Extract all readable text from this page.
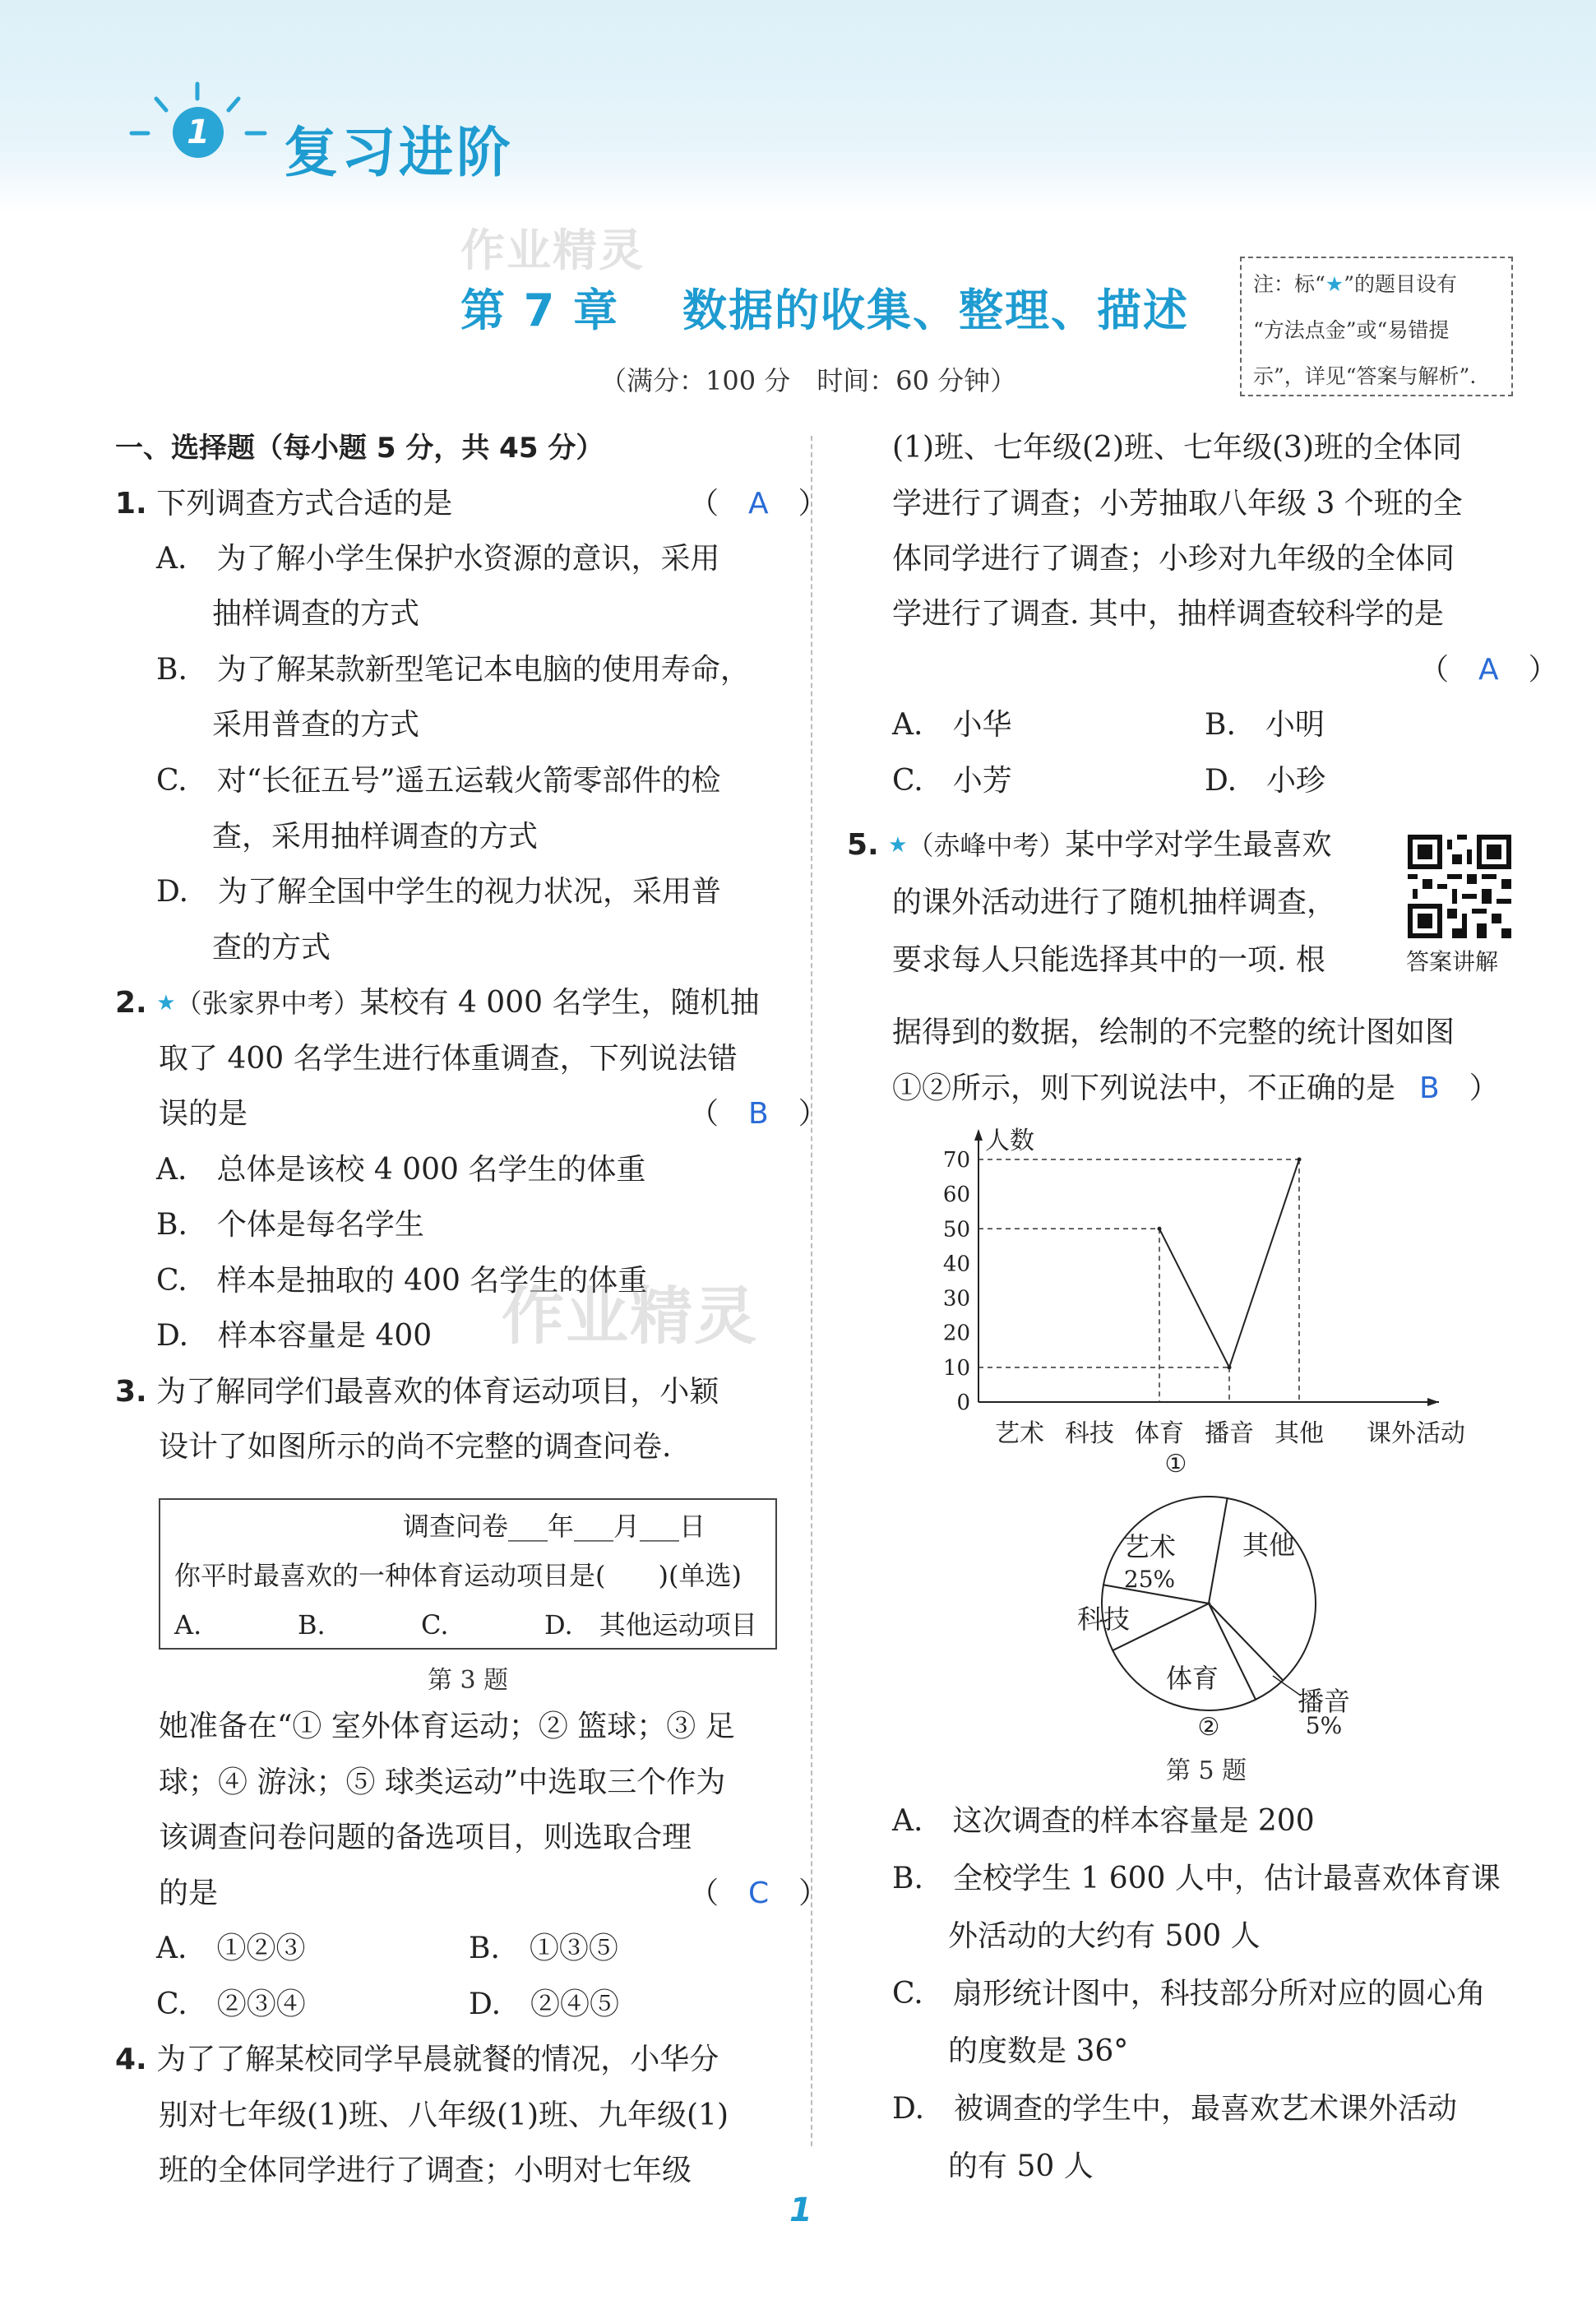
1 复习进阶
作业精灵
第 7 章　 数据的收集、整理、描述
（满分：100 分　时间：60 分钟）
注：标“★”的题目设有
“方法点金”或“易错提
示”，详见“答案与解析”.
一、选择题（每小题 5 分，共 45 分）
1. 下列调查方式合适的是	（　A　）
A.　为了解小学生保护水资源的意识，采用
抽样调查的方式
B.　为了解某款新型笔记本电脑的使用寿命，
采用普查的方式
C.　对“长征五号”遥五运载火箭零部件的检
查，采用抽样调查的方式
D.　为了解全国中学生的视力状况，采用普
查的方式
2. ★（张家界中考）某校有 4 000 名学生，随机抽
取了 400 名学生进行体重调查，下列说法错
误的是	（　B　）
A.　总体是该校 4 000 名学生的体重
B.　个体是每名学生
C.　样本是抽取的 400 名学生的体重
D.　样本容量是 400 作业精灵
3. 为了解同学们最喜欢的体育运动项目，小颖
设计了如图所示的尚不完整的调查问卷.
调查问卷___年___月___日
你平时最喜欢的一种体育运动项目是(　　)(单选)
A.	B.	C.	D.　其他运动项目
第 3 题
她准备在“① 室外体育运动；② 篮球；③ 足
球；④ 游泳；⑤ 球类运动”中选取三个作为
该调查问卷问题的备选项目，则选取合理
的是	（　C　）
A.　①②③	B.　①③⑤
C.　②③④	D.　②④⑤
4. 为了了解某校同学早晨就餐的情况，小华分
别对七年级(1)班、八年级(1)班、九年级(1)
班的全体同学进行了调查；小明对七年级
(1)班、七年级(2)班、七年级(3)班的全体同
学进行了调查；小芳抽取八年级 3 个班的全
体同学进行了调查；小珍对九年级的全体同
学进行了调查. 其中，抽样调查较科学的是
（　A　）
A.　小华	B.　小明
C.　小芳	D.　小珍
5. ★（赤峰中考）某中学对学生最喜欢
的课外活动进行了随机抽样调查，
要求每人只能选择其中的一项. 根	答案讲解
据得到的数据，绘制的不完整的统计图如图
①②所示，则下列说法中，不正确的是 B　）
人数
课外活动
0
10
20
30
40
50
60
70
艺术 科技 体育 播音 其他
①
艺术
25%
其他
科技
体育
播音
5%
②
第 5 题
A.　这次调查的样本容量是 200
B.　全校学生 1 600 人中，估计最喜欢体育课
外活动的大约有 500 人
C.　扇形统计图中，科技部分所对应的圆心角
的度数是 36°
D.　被调查的学生中，最喜欢艺术课外活动
的有 50 人
1
